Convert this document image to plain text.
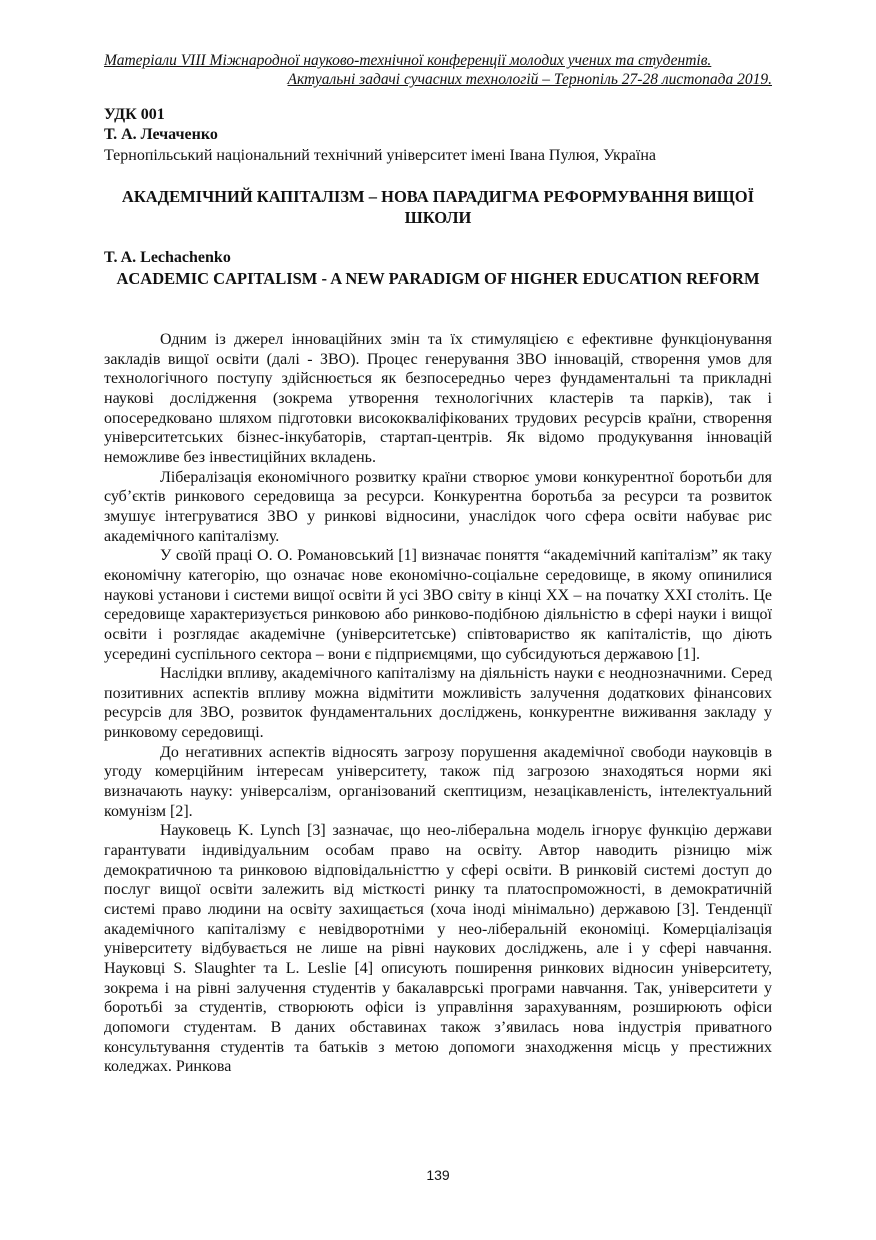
Матеріали VIII Міжнародної науково-технічної конференції молодих учених та студентів.
Актуальні задачі сучасних технологій – Тернопіль 27-28 листопада 2019.
УДК 001
Т. А. Лечаченко
Тернопільський національний технічний університет імені Івана Пулюя, Україна
АКАДЕМІЧНИЙ КАПІТАЛІЗМ – НОВА ПАРАДИГМА РЕФОРМУВАННЯ ВИЩОЇ ШКОЛИ
T. A. Lechachenko
ACADEMIC CAPITALISM - A NEW PARADIGM OF HIGHER EDUCATION REFORM

Одним із джерел інноваційних змін та їх стимуляцією є ефективне функціонування закладів вищої освіти (далі - ЗВО). Процес генерування ЗВО інновацій, створення умов для технологічного поступу здійснюється як безпосередньо через фундаментальні та прикладні наукові дослідження (зокрема утворення технологічних кластерів та парків), так і опосередковано шляхом підготовки висококваліфікованих трудових ресурсів країни, створення університетських бізнес-інкубаторів, стартап-центрів. Як відомо продукування інновацій неможливе без інвестиційних вкладень.

Лібералізація економічного розвитку країни створює умови конкурентної боротьби для суб’єктів ринкового середовища за ресурси. Конкурентна боротьба за ресурси та розвиток змушує інтегруватися ЗВО у ринкові відносини, унаслідок чого сфера освіти набуває рис академічного капіталізму.

У своїй праці О. О. Романовський [1] визначає поняття “академічний капіталізм” як таку економічну категорію, що означає нове економічно-соціальне середовище, в якому опинилися наукові установи і системи вищої освіти й усі ЗВО світу в кінці XX – на початку XXI століть. Це середовище характеризується ринковою або ринково-подібною діяльністю в сфері науки і вищої освіти і розглядає академічне (університетське) співтовариство як капіталістів, що діють усередині суспільного сектора – вони є підприємцями, що субсидуються державою [1].

Наслідки впливу, академічного капіталізму на діяльність науки є неоднозначними. Серед позитивних аспектів впливу можна відмітити можливість залучення додаткових фінансових ресурсів для ЗВО, розвиток фундаментальних досліджень, конкурентне виживання закладу у ринковому середовищі.

До негативних аспектів відносять загрозу порушення академічної свободи науковців в угоду комерційним інтересам університету, також під загрозою знаходяться норми які визначають науку: універсалізм, організований скептицизм, незацікавленість, інтелектуальний комунізм [2].

Науковець K. Lynch [3] зазначає, що нео-ліберальна модель ігнорує функцію держави гарантувати індивідуальним особам право на освіту. Автор наводить різницю між демократичною та ринковою відповідальністтю у сфері освіти. В ринковій системі доступ до послуг вищої освіти залежить від місткості ринку та платоспроможності, в демократичній системі право людини на освіту захищається (хоча іноді мінімально) державою [3]. Тенденції академічного капіталізму є невідворотніми у нео-ліберальній економіці. Комерціалізація університету відбувається не лише на рівні наукових досліджень, але і у сфері навчання. Науковці S. Slaughter та L. Leslie [4] описують поширення ринкових відносин університету, зокрема і на рівні залучення студентів у бакалаврські програми навчання. Так, університети у боротьбі за студентів, створюють офіси із управління зарахуванням, розширюють офіси допомоги студентам. В даних обставинах також з’явилась нова індустрія приватного консультування студентів та батьків з метою допомоги знаходження місць у престижних коледжах. Ринкова

139
